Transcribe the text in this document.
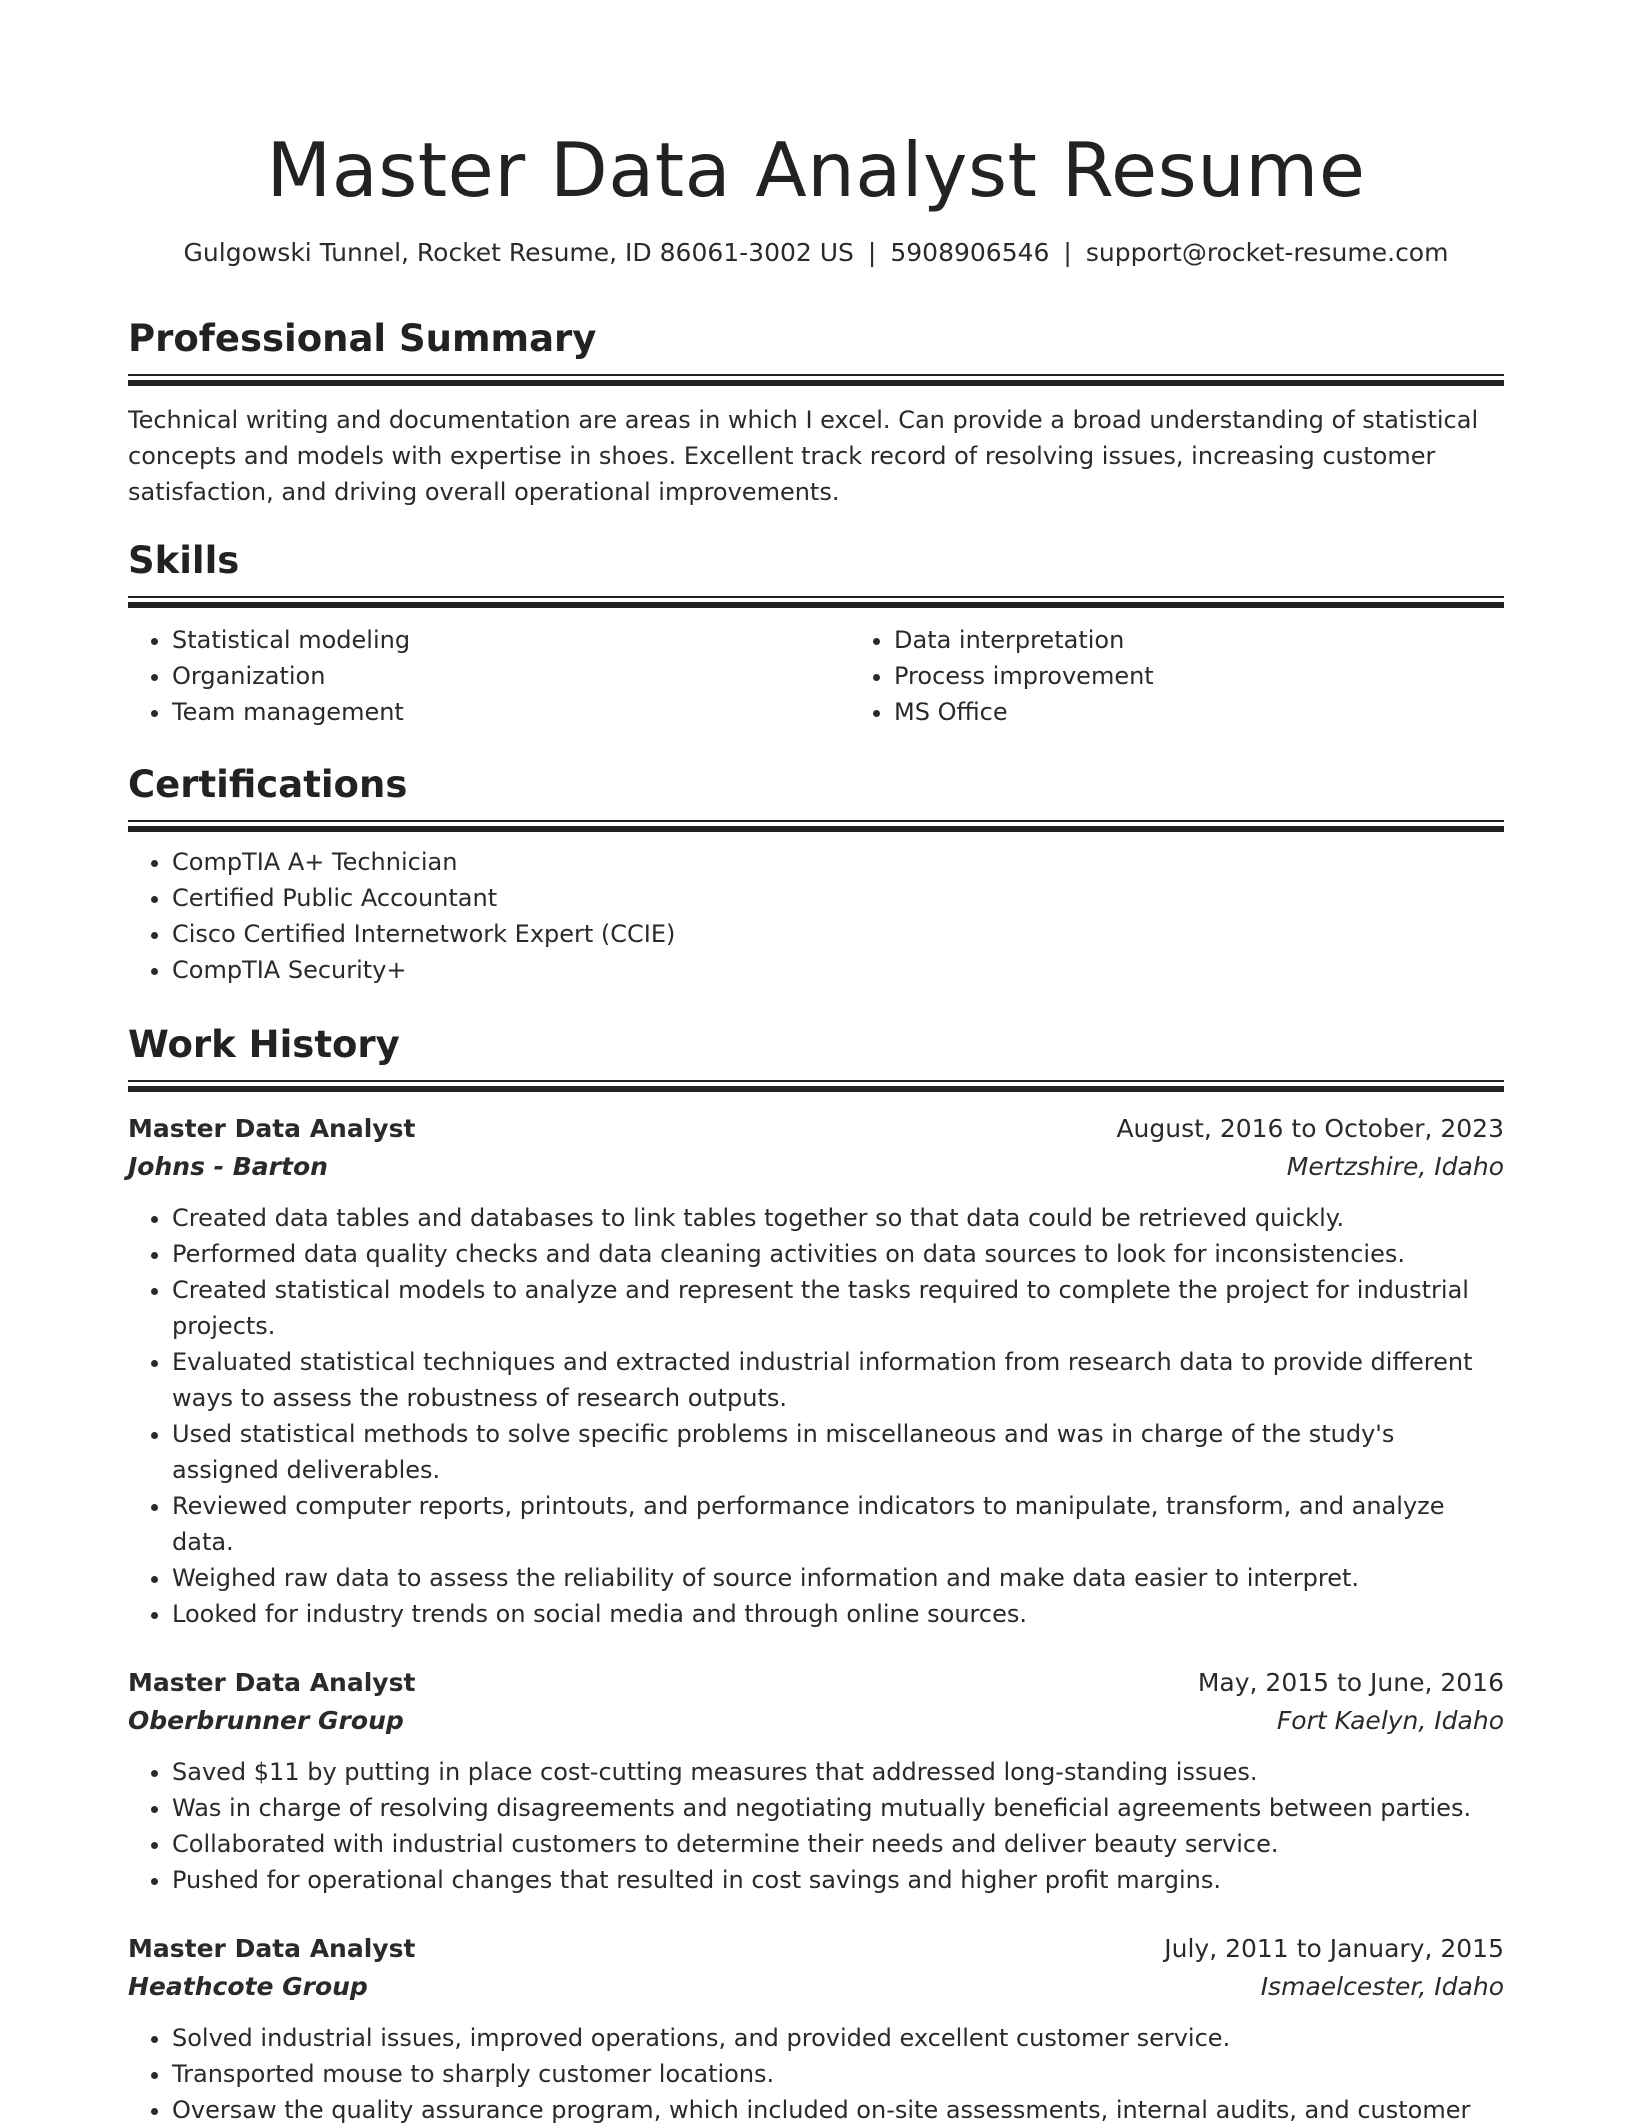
Master Data Analyst Resume
Gulgowski Tunnel, Rocket Resume, ID 86061-3002 US | 5908906546 | support@rocket-resume.com
Professional Summary

Technical writing and documentation are areas in which I excel. Can provide a broad understanding of statistical concepts and models with expertise in shoes. Excellent track record of resolving issues, increasing customer satisfaction, and driving overall operational improvements.

Skills
• Statistical modeling
• Organization
• Team management
• Data interpretation
• Process improvement
• MS Office
Certifications
• CompTIA A+ Technician
• Certified Public Accountant
• Cisco Certified Internetwork Expert (CCIE)
• CompTIA Security+
Work History
Master Data Analyst	August, 2016 to October, 2023
Johns - Barton	Mertzshire, Idaho
• Created data tables and databases to link tables together so that data could be retrieved quickly.
• Performed data quality checks and data cleaning activities on data sources to look for inconsistencies.
• Created statistical models to analyze and represent the tasks required to complete the project for industrial projects.
• Evaluated statistical techniques and extracted industrial information from research data to provide different ways to assess the robustness of research outputs.
• Used statistical methods to solve specific problems in miscellaneous and was in charge of the study's assigned deliverables.
• Reviewed computer reports, printouts, and performance indicators to manipulate, transform, and analyze data.
• Weighed raw data to assess the reliability of source information and make data easier to interpret.
• Looked for industry trends on social media and through online sources.
Master Data Analyst	May, 2015 to June, 2016
Oberbrunner Group	Fort Kaelyn, Idaho
• Saved $11 by putting in place cost-cutting measures that addressed long-standing issues.
• Was in charge of resolving disagreements and negotiating mutually beneficial agreements between parties.
• Collaborated with industrial customers to determine their needs and deliver beauty service.
• Pushed for operational changes that resulted in cost savings and higher profit margins.
Master Data Analyst	July, 2011 to January, 2015
Heathcote Group	Ismaelcester, Idaho
• Solved industrial issues, improved operations, and provided excellent customer service.
• Transported mouse to sharply customer locations.
• Oversaw the quality assurance program, which included on-site assessments, internal audits, and customer
